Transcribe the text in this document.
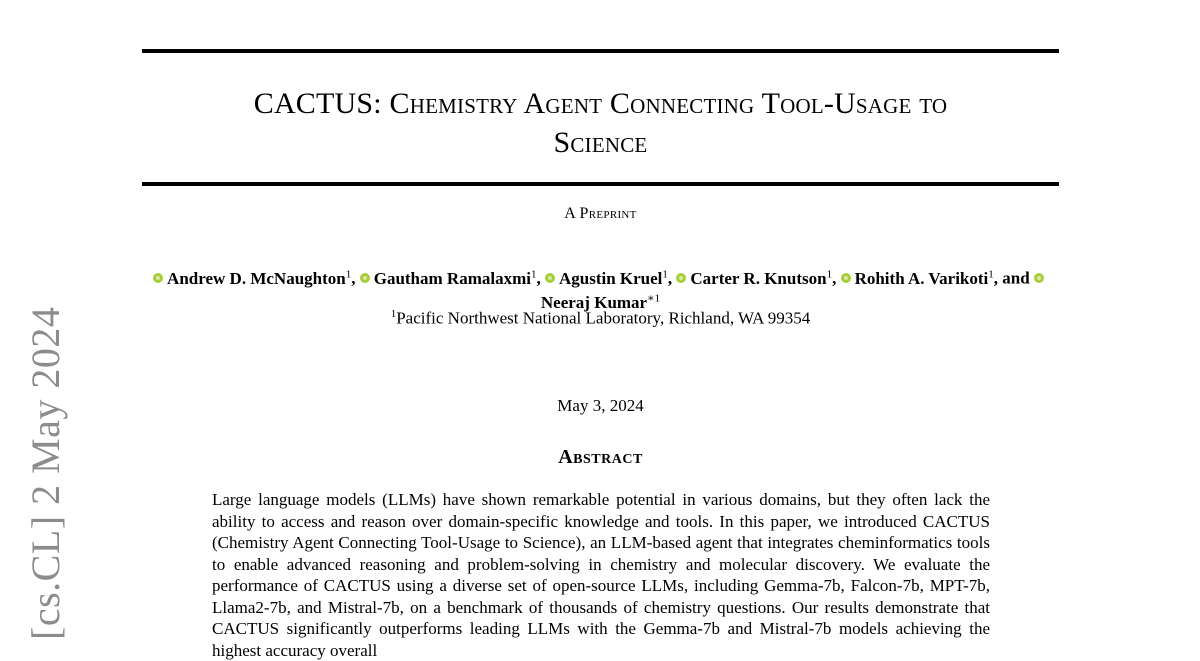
CACTUS: Chemistry Agent Connecting Tool-Usage to
Science
A Preprint
Andrew D. McNaughton$^1$, Gautham Ramalaxmi$^1$, Agustin Kruel$^1$, Carter R. Knutson$^1$, Rohith A. Varikoti$^1$, and Neeraj Kumar$^{∗1}$
$^1$Pacific Northwest National Laboratory, Richland, WA 99354
May 3, 2024
Abstract
Large language models (LLMs) have shown remarkable potential in various domains, but they often lack the ability to access and reason over domain-specific knowledge and tools. In this paper, we introduced CACTUS (Chemistry Agent Connecting Tool-Usage to Science), an LLM-based agent that integrates cheminformatics tools to enable advanced reasoning and problem-solving in chemistry and molecular discovery. We evaluate the performance of CACTUS using a diverse set of open-source LLMs, including Gemma-7b, Falcon-7b, MPT-7b, Llama2-7b, and Mistral-7b, on a benchmark of thousands of chemistry questions. Our results demonstrate that CACTUS significantly outperforms leading LLMs with the Gemma-7b and Mistral-7b models achieving the highest accuracy overall
[cs.CL] 2 May 2024
